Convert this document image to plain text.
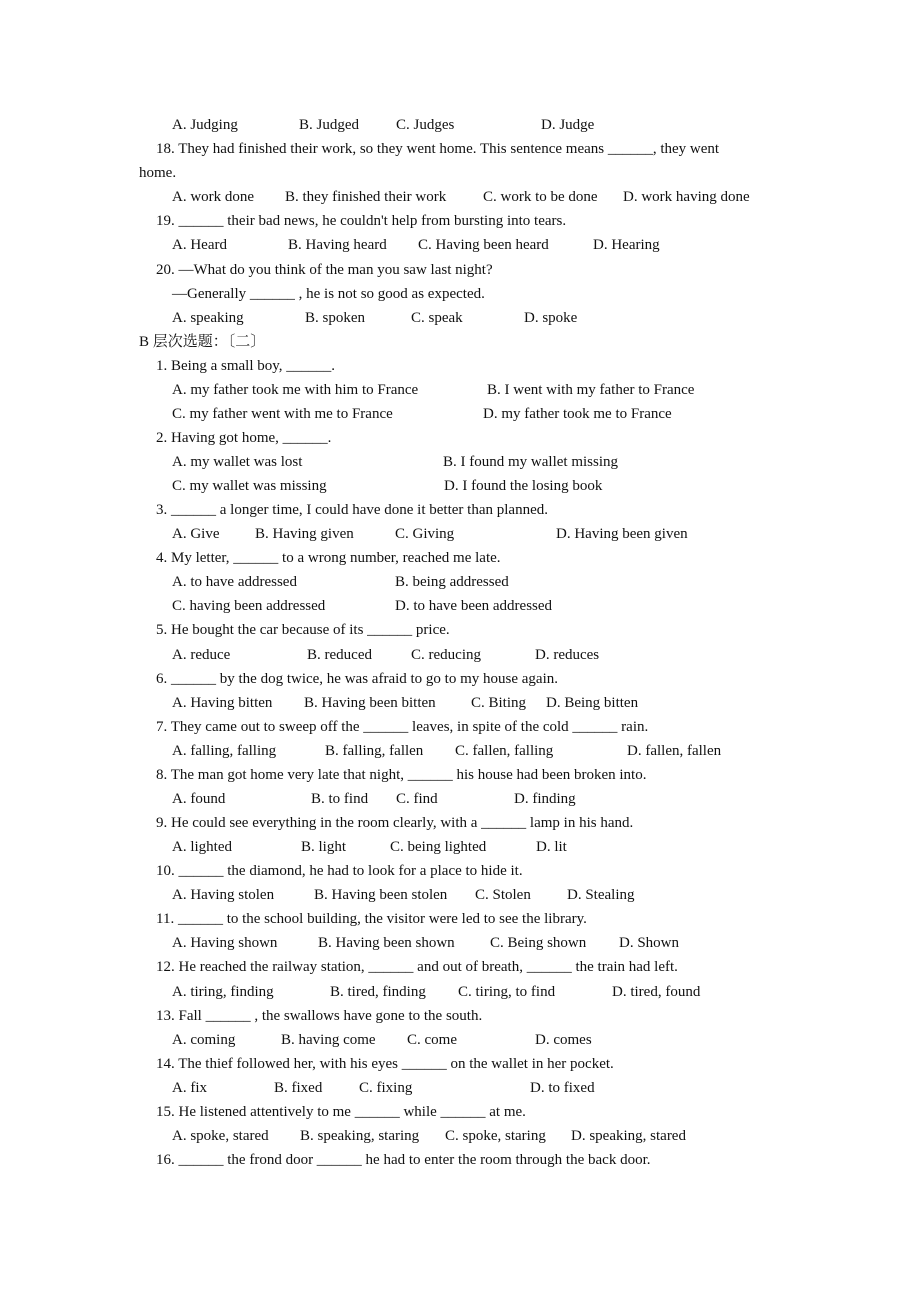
A. Judging	B. Judged C. Judges	D. Judge
18. They had finished their work, so they went home. This sentence means ______, they went
home.
A. work done B. they finished their work C. work to be done D. work having done
19. ______ their bad news, he couldn't help from bursting into tears.
A. Heard	B. Having heard C. Having been heard	D. Hearing
20. —What do you think of the man you saw last night?
—Generally ______ , he is not so good as expected.
A. speaking	B. spoken	C. speak	D. spoke
B 层次选题：〔二〕
1. Being a small boy, ______.
A. my father took me with him to France	B. I went with my father to France
C. my father went with me to France	D. my father took me to France
2. Having got home, ______.
A. my wallet was lost	B. I found my wallet missing
C. my wallet was missing	D. I found the losing book
3. ______ a longer time, I could have done it better than planned.
A. Give B. Having given	C. Giving	D. Having been given
4. My letter, ______ to a wrong number, reached me late.
A. to have addressed	B. being addressed
C. having been addressed	D. to have been addressed
5. He bought the car because of its ______ price.
A. reduce	B. reduced	C. reducing	D. reduces
6. ______ by the dog twice, he was afraid to go to my house again.
A. Having bitten B. Having been bitten C. Biting D. Being bitten
7. They came out to sweep off the ______ leaves, in spite of the cold ______ rain.
A. falling, falling	B. falling, fallen C. fallen, falling	D. fallen, fallen
8. The man got home very late that night, ______ his house had been broken into.
A. found	B. to find C. find	D. finding
9. He could see everything in the room clearly, with a ______ lamp in his hand.
A. lighted	B. light	C. being lighted	D. lit
10. ______ the diamond, he had to look for a place to hide it.
A. Having stolen	B. Having been stolen C. Stolen D. Stealing
11. ______ to the school building, the visitor were led to see the library.
A. Having shown	B. Having been shown C. Being shown D. Shown
12. He reached the railway station, ______ and out of breath, ______ the train had left.
A. tiring, finding	B. tired, finding C. tiring, to find	D. tired, found
13. Fall ______ , the swallows have gone to the south.
A. coming	B. having come C. come	D. comes
14. The thief followed her, with his eyes ______ on the wallet in her pocket.
A. fix	B. fixed C. fixing	D. to fixed
15. He listened attentively to me ______ while ______ at me.
A. spoke, stared B. speaking, staring C. spoke, staring D. speaking, stared
16. ______ the frond door ______ he had to enter the room through the back door.
